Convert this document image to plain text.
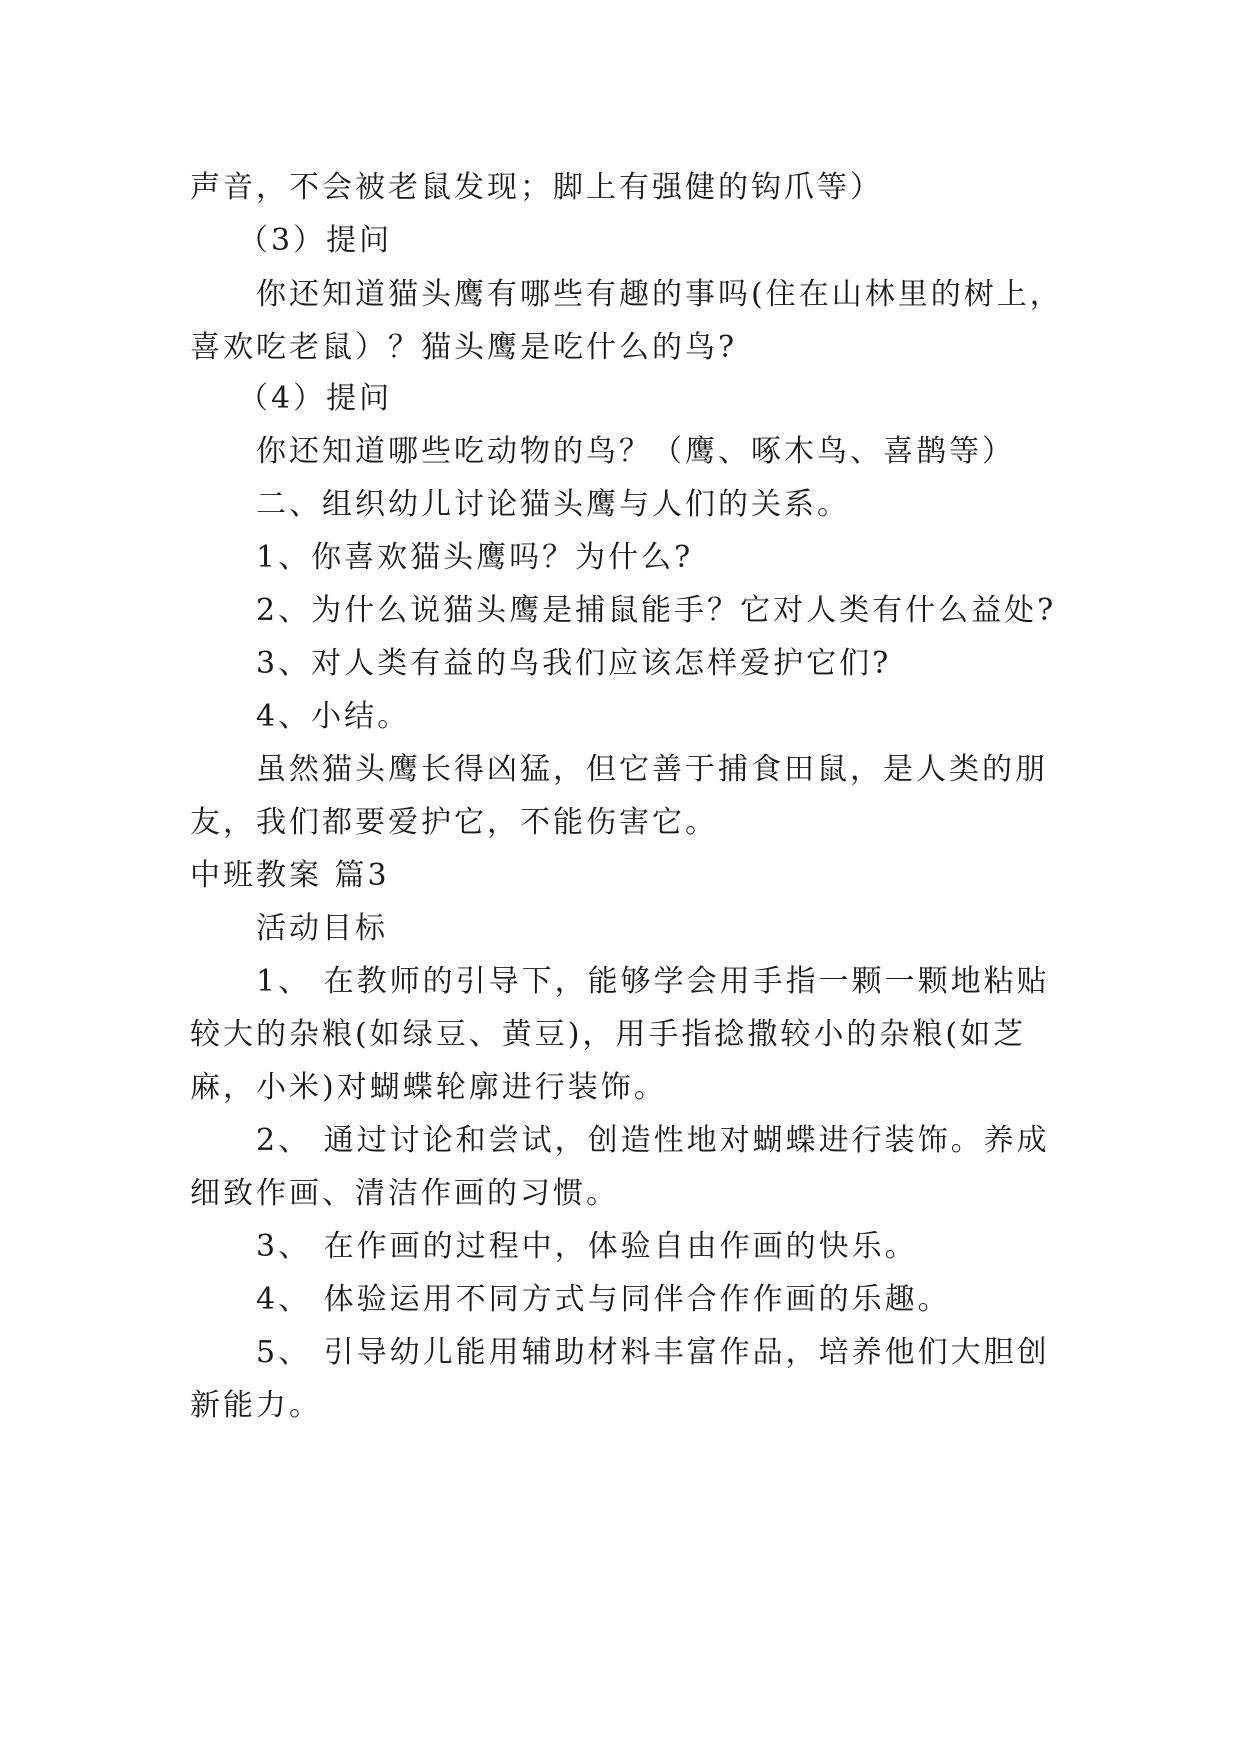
声音，不会被老鼠发现；脚上有强健的钩爪等）
（3）提问
你还知道猫头鹰有哪些有趣的事吗(住在山林里的树上，
喜欢吃老鼠）？猫头鹰是吃什么的鸟?
（4）提问
你还知道哪些吃动物的鸟？（鹰、啄木鸟、喜鹊等）
二、组织幼儿讨论猫头鹰与人们的关系。
1、你喜欢猫头鹰吗？为什么?
2、为什么说猫头鹰是捕鼠能手？它对人类有什么益处?
3、对人类有益的鸟我们应该怎样爱护它们?
4、小结。
虽然猫头鹰长得凶猛，但它善于捕食田鼠，是人类的朋
友，我们都要爱护它，不能伤害它。
中班教案 篇3
活动目标
1、 在教师的引导下，能够学会用手指一颗一颗地粘贴
较大的杂粮(如绿豆、黄豆)，用手指捻撒较小的杂粮(如芝
麻，小米)对蝴蝶轮廓进行装饰。
2、 通过讨论和尝试，创造性地对蝴蝶进行装饰。养成
细致作画、清洁作画的习惯。
3、 在作画的过程中，体验自由作画的快乐。
4、 体验运用不同方式与同伴合作作画的乐趣。
5、 引导幼儿能用辅助材料丰富作品，培养他们大胆创
新能力。
